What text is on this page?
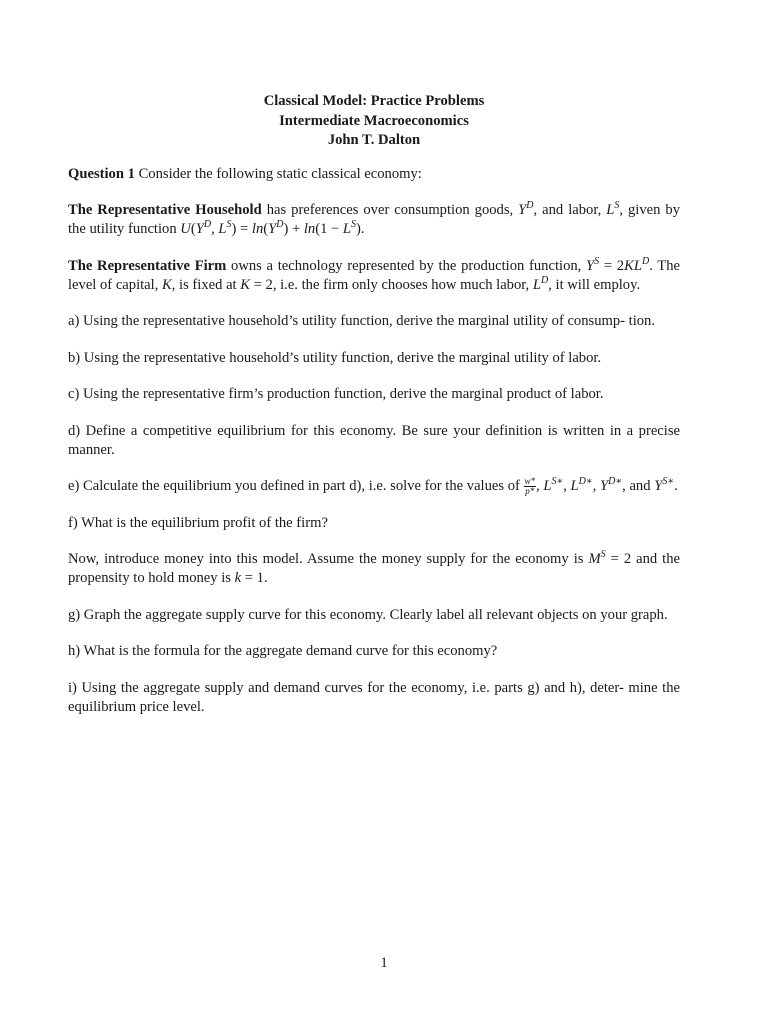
Classical Model: Practice Problems
Intermediate Macroeconomics
John T. Dalton

Question 1 Consider the following static classical economy:

The Representative Household has preferences over consumption goods, $Y^D$, and labor, $L^S$, given by the utility function $U(Y^D$, $L^S) = \ln(Y^D) + \ln(1 - L^S)$.

The Representative Firm owns a technology represented by the production function, $Y^S = 2KL^D$. The level of capital, K, is fixed at K = 2, i.e. the firm only chooses how much labor, $L^D$, it will employ.

a) Using the representative household’s utility function, derive the marginal utility of consump- tion.

b) Using the representative household’s utility function, derive the marginal utility of labor.

c) Using the representative firm’s production function, derive the marginal product of labor.

d) Define a competitive equilibrium for this economy. Be sure your definition is written in a precise manner.

e) Calculate the equilibrium you defined in part d), i.e. solve for the values of $\frac{w*}{p*}$ , $L^{S∗}$, $L^{D∗}$, $Y^{D∗}$, and $Y^{S∗}$.

f) What is the equilibrium profit of the firm?

Now, introduce money into this model. Assume the money supply for the economy is $M^S = 2$ and the propensity to hold money is k = 1.

g) Graph the aggregate supply curve for this economy. Clearly label all relevant objects on your graph.

h) What is the formula for the aggregate demand curve for this economy?

i) Using the aggregate supply and demand curves for the economy, i.e. parts g) and h), deter- mine the equilibrium price level.

1
